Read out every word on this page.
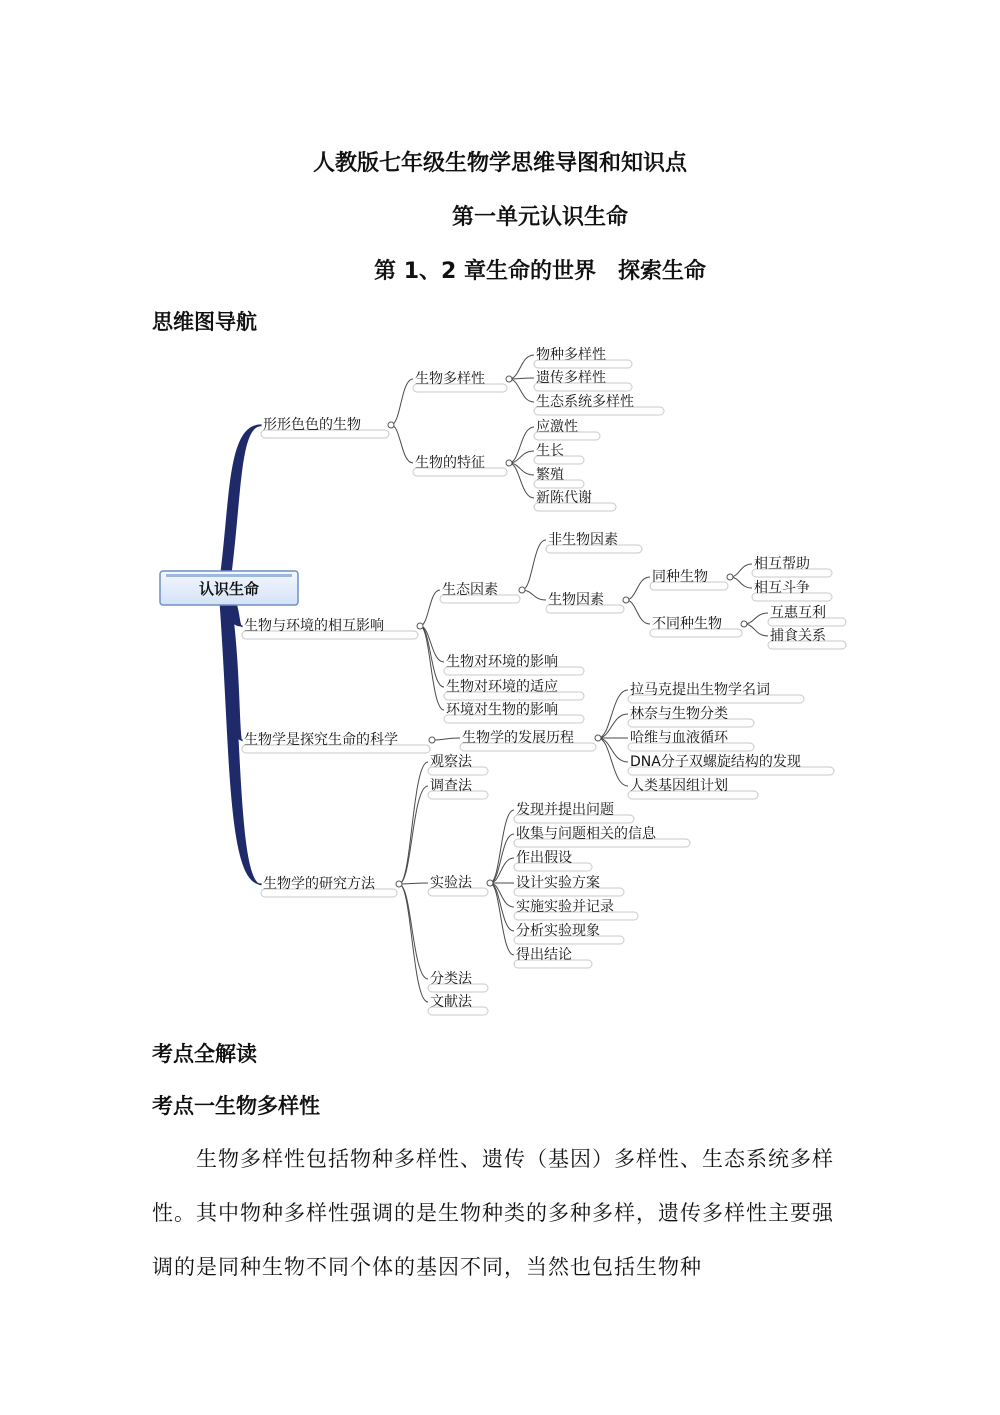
人教版七年级生物学思维导图和知识点
第一单元认识生命
第 1、2 章生命的世界　探索生命
思维图导航
认识生命
形形色色的生物
生物多样性
物种多样性
遗传多样性
生态系统多样性
生物的特征
应激性
生长
繁殖
新陈代谢
生物与环境的相互影响
生态因素
非生物因素
生物因素
同种生物
相互帮助
相互斗争
不同种生物
互惠互利
捕食关系
生物对环境的影响
生物对环境的适应
环境对生物的影响
生物学是探究生命的科学	生物学的发展历程
拉马克提出生物学名词
林奈与生物分类
哈维与血液循环
DNA分子双螺旋结构的发现
人类基因组计划
生物学的研究方法
观察法
调查法
实验法
发现并提出问题
收集与问题相关的信息
作出假设
设计实验方案
实施实验并记录
分析实验现象
得出结论
分类法
文献法
考点全解读
考点一生物多样性

生物多样性包括物种多样性、遗传（基因）多样性、生态系统多样性。其中物种多样性强调的是生物种类的多种多样，遗传多样性主要强调的是同种生物不同个体的基因不同，当然也包括生物种
